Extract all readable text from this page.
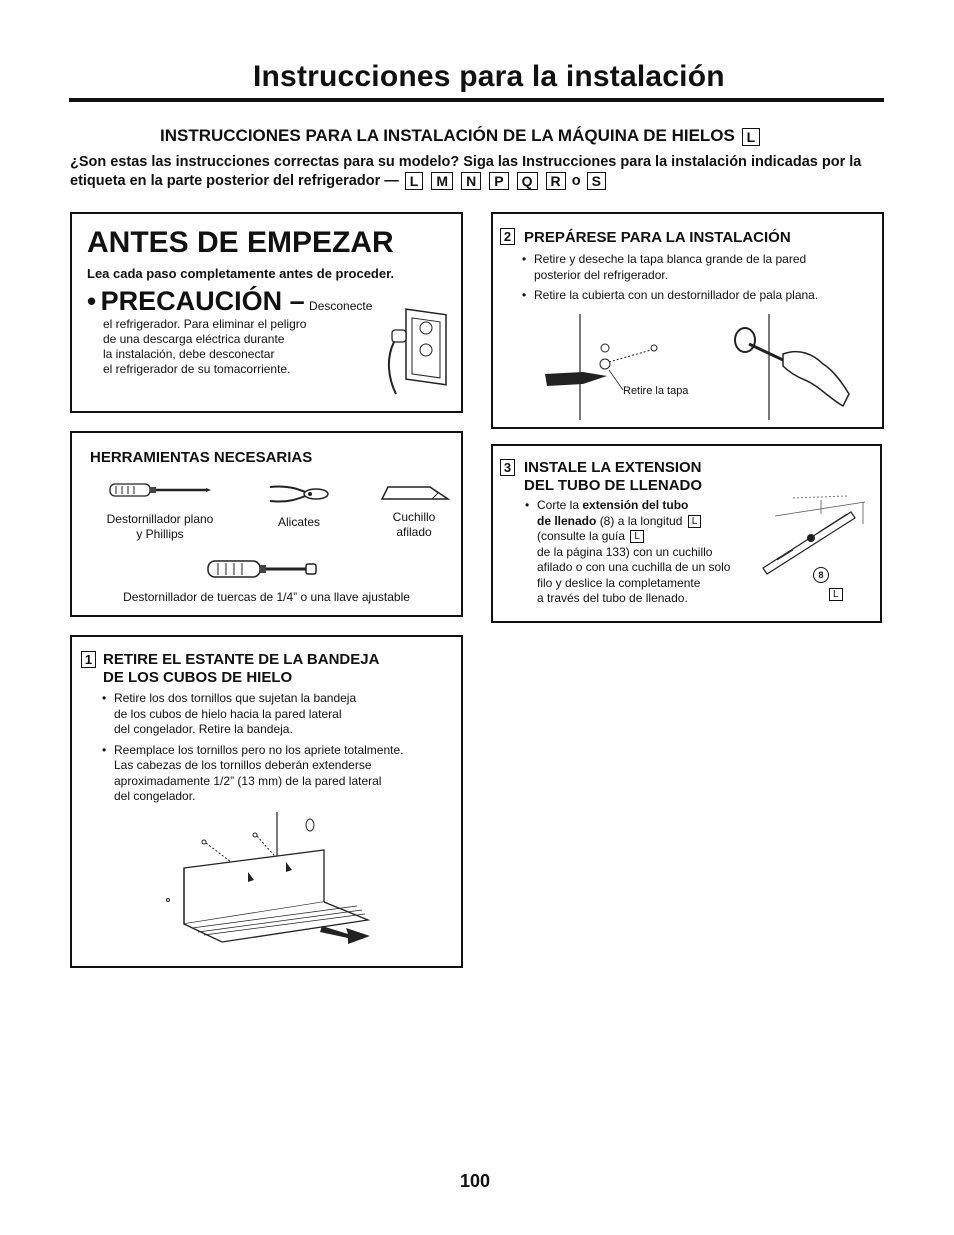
Instrucciones para la instalación
INSTRUCCIONES PARA LA INSTALACIÓN DE LA MÁQUINA DE HIELOS L
¿Son estas las instrucciones correctas para su modelo? Siga las Instrucciones para la instalación indicadas por la etiqueta en la parte posterior del refrigerador — L M N P Q R o S
ANTES DE EMPEZAR
Lea cada paso completamente antes de proceder.
• PRECAUCIÓN – Desconecte
el refrigerador. Para eliminar el peligro
de una descarga eléctrica durante
la instalación, debe desconectar
el refrigerador de su tomacorriente.
HERRAMIENTAS NECESARIAS
Destornillador plano
y Phillips
Alicates	Cuchillo
afilado
Destornillador de tuercas de 1/4” o una llave ajustable
1 RETIRE EL ESTANTE DE LA BANDEJA
DE LOS CUBOS DE HIELO
• Retire los dos tornillos que sujetan la bandeja
de los cubos de hielo hacia la pared lateral
del congelador. Retire la bandeja.
• Reemplace los tornillos pero no los apriete totalmente.
Las cabezas de los tornillos deberán extenderse
aproximadamente 1/2” (13 mm) de la pared lateral
del congelador.
2 PREPÁRESE PARA LA INSTALACIÓN
• Retire y deseche la tapa blanca grande de la pared
posterior del refrigerador.
• Retire la cubierta con un destornillador de pala plana.
Retire la tapa
3 INSTALE LA EXTENSION
DEL TUBO DE LLENADO
• Corte la extensión del tubo
de llenado (8) a la longitud L
(consulte la guía L
de la página 133) con un cuchillo
afilado o con una cuchilla de un solo
filo y deslice la completamente
a través del tubo de llenado.
8
L
100
